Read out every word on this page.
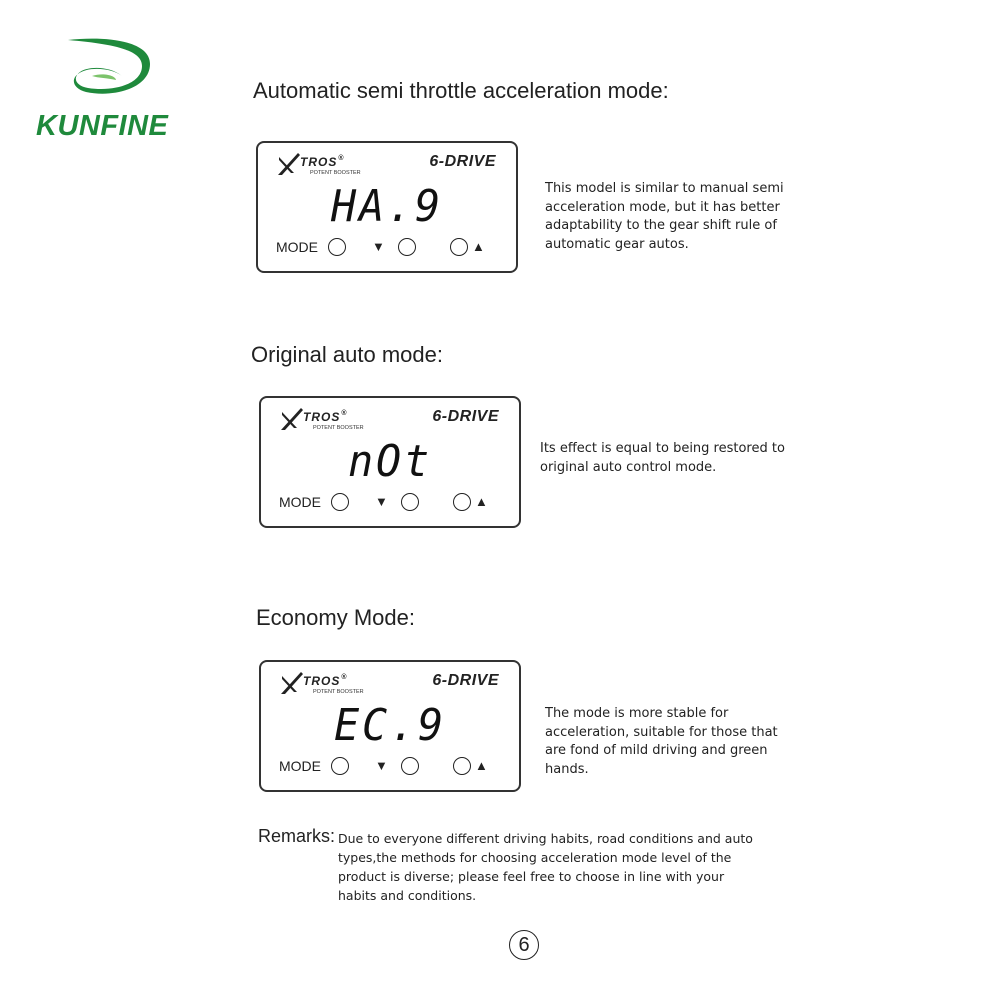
KUNFINE
Automatic semi throttle acceleration mode:
TROS®
POTENT BOOSTER
6-DRIVE
HA.9
MODE	▼	▲
This model is similar to manual semi
acceleration mode, but it has better
adaptability to the gear shift rule of
automatic gear autos.
Original auto mode:
TROS®
POTENT BOOSTER
6-DRIVE
nOt
MODE	▼	▲
Its effect is equal to being restored to
original auto control mode.
Economy Mode:
TROS®
POTENT BOOSTER
6-DRIVE
EC.9
MODE	▼	▲
The mode is more stable for
acceleration, suitable for those that
are fond of mild driving and green
hands.
Remarks: Due to everyone different driving habits, road conditions and auto
types,the methods for choosing acceleration mode level of the
product is diverse; please feel free to choose in line with your
habits and conditions.
6
